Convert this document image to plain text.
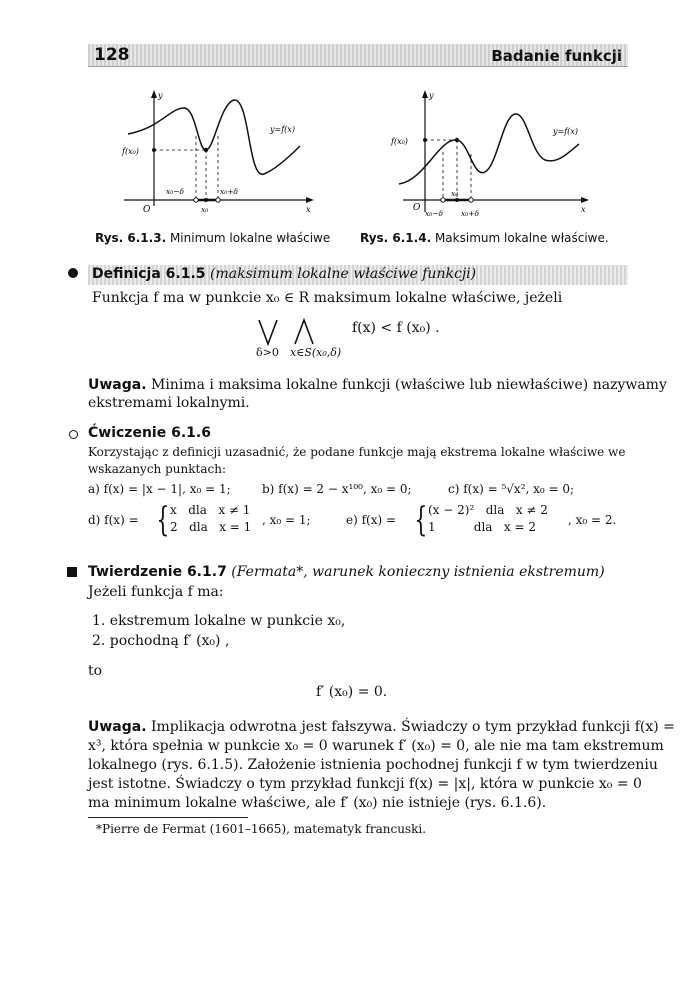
128	Badanie funkcji
y
x
O
f(x₀)
y=f(x)
x₀−δ	x₀+δ
x₀
y
x
O
f(x₀)
y=f(x)
x₀
x₀−δ x₀+δ
Rys. 6.1.3. Minimum lokalne właściwe Rys. 6.1.4. Maksimum lokalne właściwe.
Definicja 6.1.5 (maksimum lokalne właściwe funkcji)
Funkcja f ma w punkcie x₀ ∈ R maksimum lokalne właściwe, jeżeli
f(x) < f (x₀) .
δ>0 x∈S(x₀,δ)
Uwaga. Minima i maksima lokalne funkcji (właściwe lub niewłaściwe) nazywamy
ekstremami lokalnymi.
Ćwiczenie 6.1.6
Korzystając z definicji uzasadnić, że podane funkcje mają ekstrema lokalne właściwe we
wskazanych punktach:
a) f(x) = |x − 1|, x₀ = 1;	b) f(x) = 2 − x¹⁰⁰, x₀ = 0;	c) f(x) = ⁵√x², x₀ = 0;
d) f(x) = { x   dla   x ≠ 1
2   dla   x = 1 , x₀ = 1;	e) f(x) = { (x − 2)²   dla   x ≠ 2
1          dla   x = 2	, x₀ = 2.
Twierdzenie 6.1.7 (Fermata*, warunek konieczny istnienia ekstremum)
Jeżeli funkcja f ma:
1. ekstremum lokalne w punkcie x₀,
2. pochodną f′ (x₀) ,
to
f′ (x₀) = 0.
Uwaga. Implikacja odwrotna jest fałszywa. Świadczy o tym przykład funkcji f(x) =
x³, która spełnia w punkcie x₀ = 0 warunek f′ (x₀) = 0, ale nie ma tam ekstremum
lokalnego (rys. 6.1.5). Założenie istnienia pochodnej funkcji f w tym twierdzeniu
jest istotne. Świadczy o tym przykład funkcji f(x) = |x|, która w punkcie x₀ = 0
ma minimum lokalne właściwe, ale f′ (x₀) nie istnieje (rys. 6.1.6).
*Pierre de Fermat (1601–1665), matematyk francuski.
